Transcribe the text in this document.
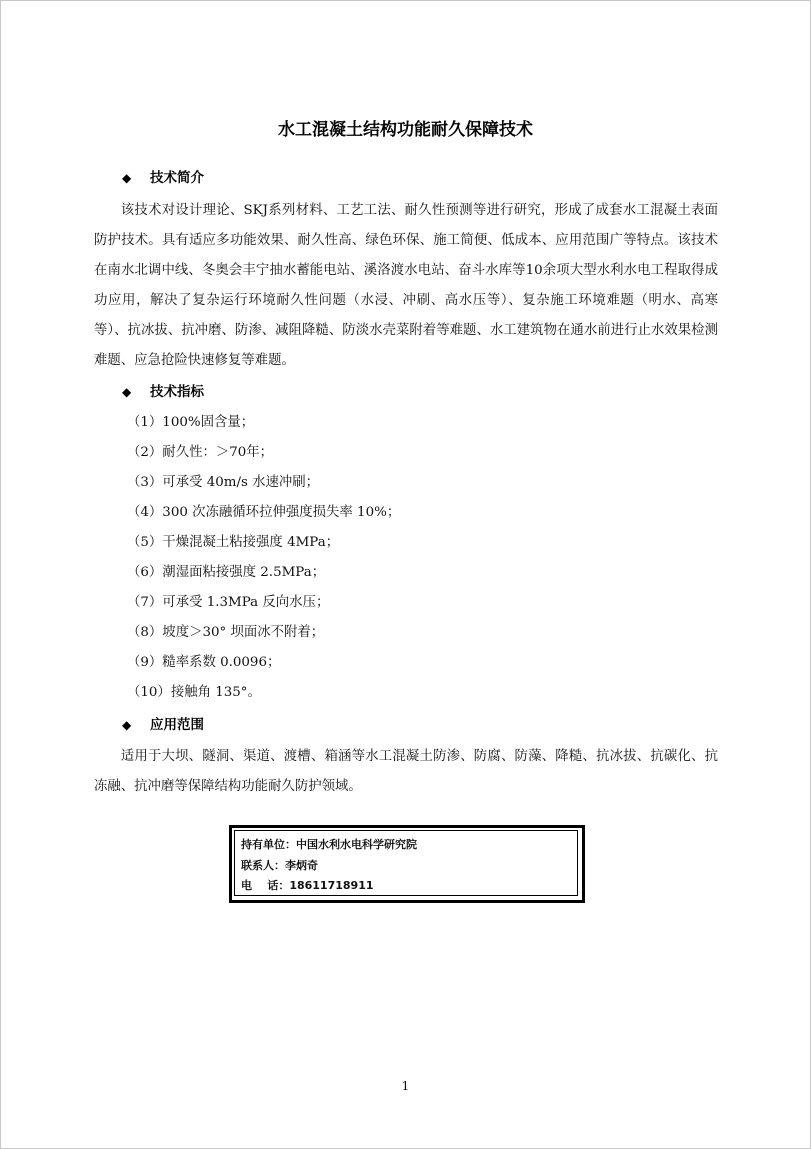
水工混凝土结构功能耐久保障技术
◆ 技术简介

该技术对设计理论、SKJ系列材料、工艺工法、耐久性预测等进行研究，形成了成套水工混凝土表面防护技术。具有适应多功能效果、耐久性高、绿色环保、施工简便、低成本、应用范围广等特点。该技术在南水北调中线、冬奥会丰宁抽水蓄能电站、溪洛渡水电站、奋斗水库等10余项大型水利水电工程取得成功应用，解决了复杂运行环境耐久性问题（水浸、冲刷、高水压等）、复杂施工环境难题（明水、高寒等）、抗冰拔、抗冲磨、防渗、减阻降糙、防淡水壳菜附着等难题、水工建筑物在通水前进行止水效果检测难题、应急抢险快速修复等难题。

◆ 技术指标
（1）100%固含量；
（2）耐久性：＞70年；
（3）可承受 40m/s 水速冲刷；
（4）300 次冻融循环拉伸强度损失率 10%；
（5）干燥混凝土粘接强度 4MPa；
（6）潮湿面粘接强度 2.5MPa；
（7）可承受 1.3MPa 反向水压；
（8）坡度＞30° 坝面冰不附着；
（9）糙率系数 0.0096；
（10）接触角 135°。
◆ 应用范围

适用于大坝、隧洞、渠道、渡槽、箱涵等水工混凝土防渗、防腐、防藻、降糙、抗冰拔、抗碳化、抗冻融、抗冲磨等保障结构功能耐久防护领域。

持有单位：中国水利水电科学研究院
联系人：李炳奇
电    话：18611718911
1
